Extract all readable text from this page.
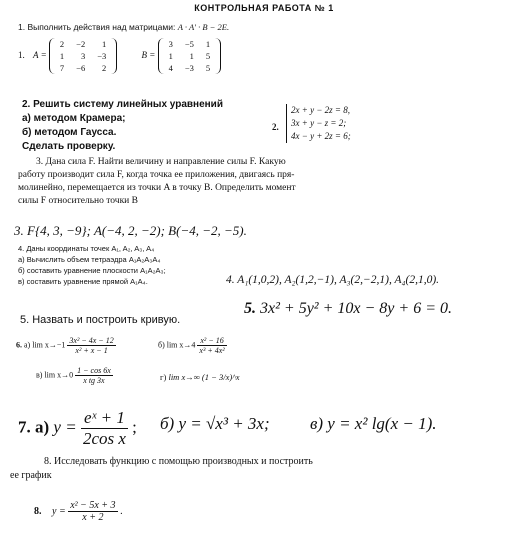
КОНТРОЛЬНАЯ РАБОТА № 1
1. Выполнить действия над матрицами: A · A' · B − 2E.
1. A =
2	−2	1
1	3	−3
7	−6	2
B =
3	−5	1
1	1	5
4	−3	5
2. Решить систему линейных уравнений
а) методом Крамера;
б) методом Гаусса.
Сделать проверку.
2.
2x + y − 2z = 8,
3x + y − z = 2;
4x − y + 2z = 6;
3. Дана сила F. Найти величину и направление силы F. Какую
работу производит сила F, когда точка ее приложения, двигаясь пря-
молинейно, перемещается из точки A в точку B. Определить момент
силы F относительно точки B
3. F{4, 3, −9}; A(−4, 2, −2); B(−4, −2, −5).
4. Даны координаты точек A₁, A₂, A₃, A₄
а) Вычислить объем тетраэдра A₁A₂A₃A₄
б) составить уравнение плоскости A₁A₂A₃;
в) составить уравнение прямой A₁A₄.	4. A₁(1,0,2), A₂(1,2,−1), A₃(2,−2,1), A₄(2,1,0).
5. Назвать и построить кривую.
5. 3x² + 5y² + 10x − 8y + 6 = 0.
6. а) $\lim x\to-1 \frac{\text{3x² − 4x − 12}}{\text{x² + x − 1}}$	б) $\lim x\to 4 \frac{\text{x² − 16}}{\text{x³ + 4x²}}$
в) $\lim x\to 0 \frac{1 - \cos 6x}{\text{x tg 3x}}$	г) lim x→∞ (1 − 3/x)^x
7. а) $y = \frac{\text{eˣ + 1}}{\text{2cos x}}$ ; б) y = √x³ + 3x; в) y = x² lg(x − 1).
8. Исследовать функцию с помощью производных и построить
ее график
8. $y = \frac{\text{x² − 5x + 3}}{x + 2}$ .
